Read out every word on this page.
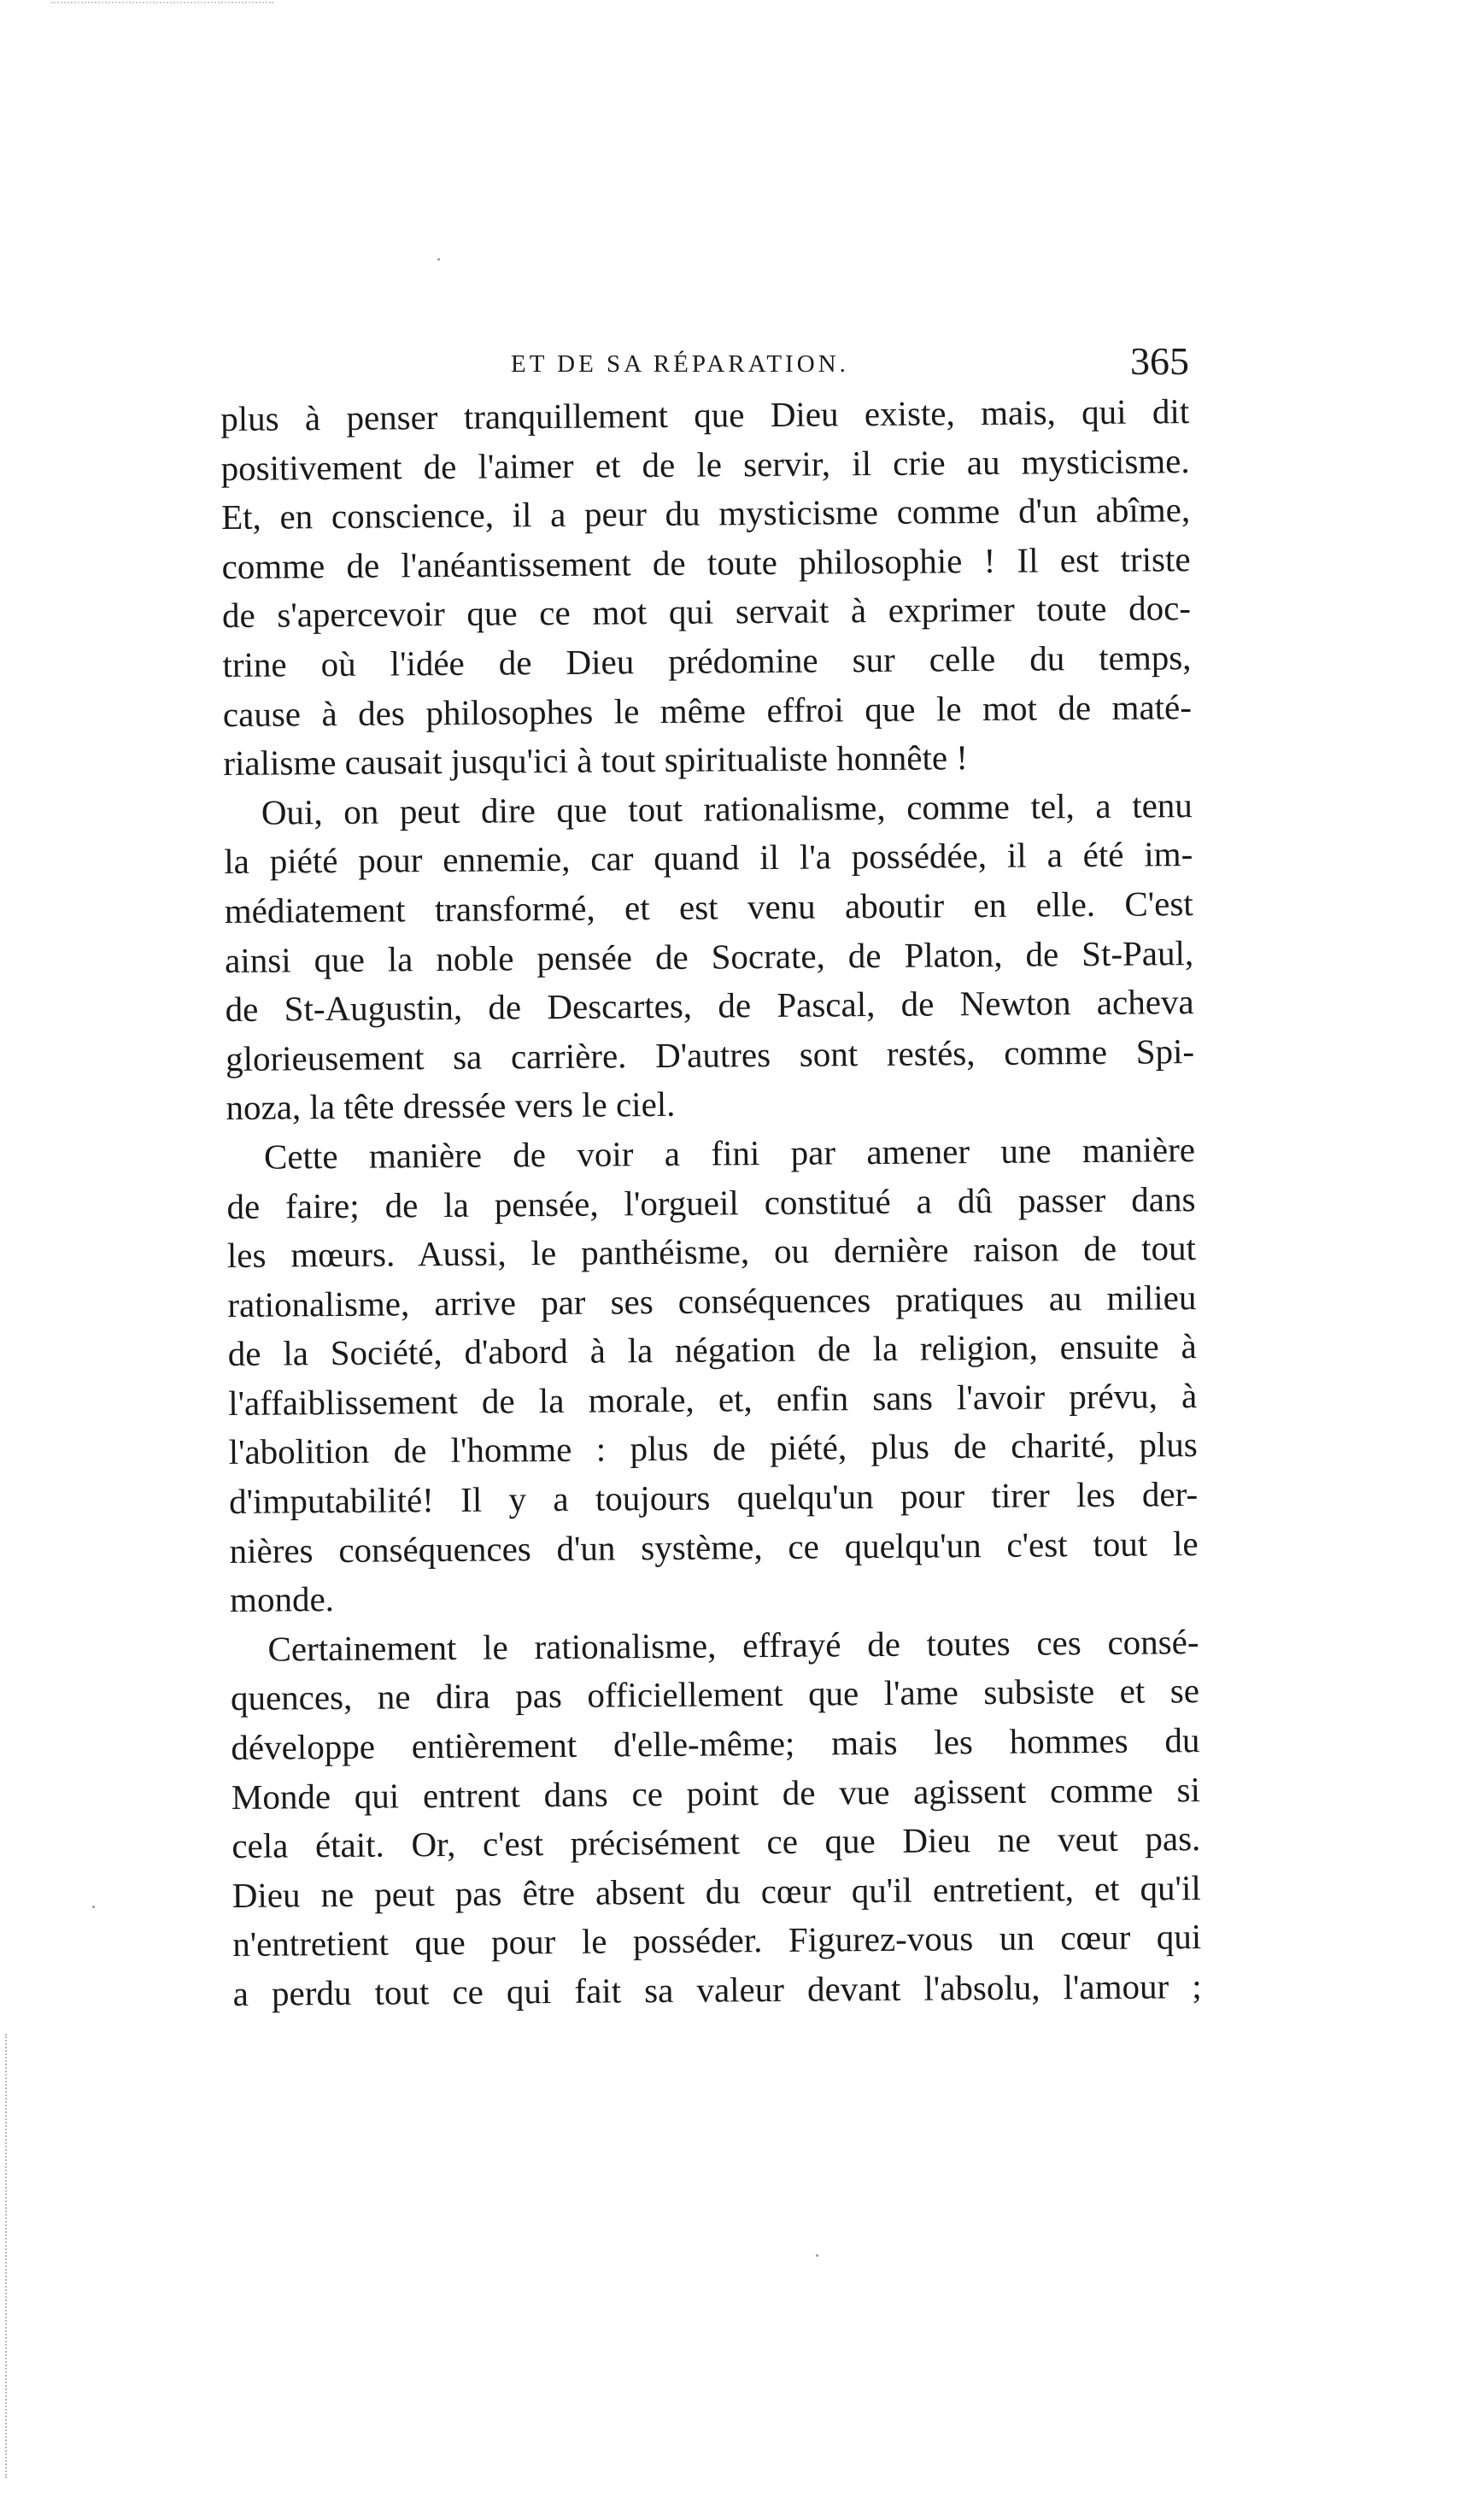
ET DE SA RÉPARATION.	365
plus à penser tranquillement que Dieu existe, mais, qui dit
positivement de l'aimer et de le servir, il crie au mysticisme.
Et, en conscience, il a peur du mysticisme comme d'un abîme,
comme de l'anéantissement de toute philosophie ! Il est triste
de s'apercevoir que ce mot qui servait à exprimer toute doc-
trine où l'idée de Dieu prédomine sur celle du temps,
cause à des philosophes le même effroi que le mot de maté-
rialisme causait jusqu'ici à tout spiritualiste honnête !
Oui, on peut dire que tout rationalisme, comme tel, a tenu
la piété pour ennemie, car quand il l'a possédée, il a été im-
médiatement transformé, et est venu aboutir en elle. C'est
ainsi que la noble pensée de Socrate, de Platon, de St-Paul,
de St-Augustin, de Descartes, de Pascal, de Newton acheva
glorieusement sa carrière. D'autres sont restés, comme Spi-
noza, la tête dressée vers le ciel.
Cette manière de voir a fini par amener une manière
de faire; de la pensée, l'orgueil constitué a dû passer dans
les mœurs. Aussi, le panthéisme, ou dernière raison de tout
rationalisme, arrive par ses conséquences pratiques au milieu
de la Société, d'abord à la négation de la religion, ensuite à
l'affaiblissement de la morale, et, enfin sans l'avoir prévu, à
l'abolition de l'homme : plus de piété, plus de charité, plus
d'imputabilité! Il y a toujours quelqu'un pour tirer les der-
nières conséquences d'un système, ce quelqu'un c'est tout le
monde.
Certainement le rationalisme, effrayé de toutes ces consé-
quences, ne dira pas officiellement que l'ame subsiste et se
développe entièrement d'elle-même; mais les hommes du
Monde qui entrent dans ce point de vue agissent comme si
cela était. Or, c'est précisément ce que Dieu ne veut pas.
Dieu ne peut pas être absent du cœur qu'il entretient, et qu'il
n'entretient que pour le posséder. Figurez-vous un cœur qui
a perdu tout ce qui fait sa valeur devant l'absolu, l'amour ;
